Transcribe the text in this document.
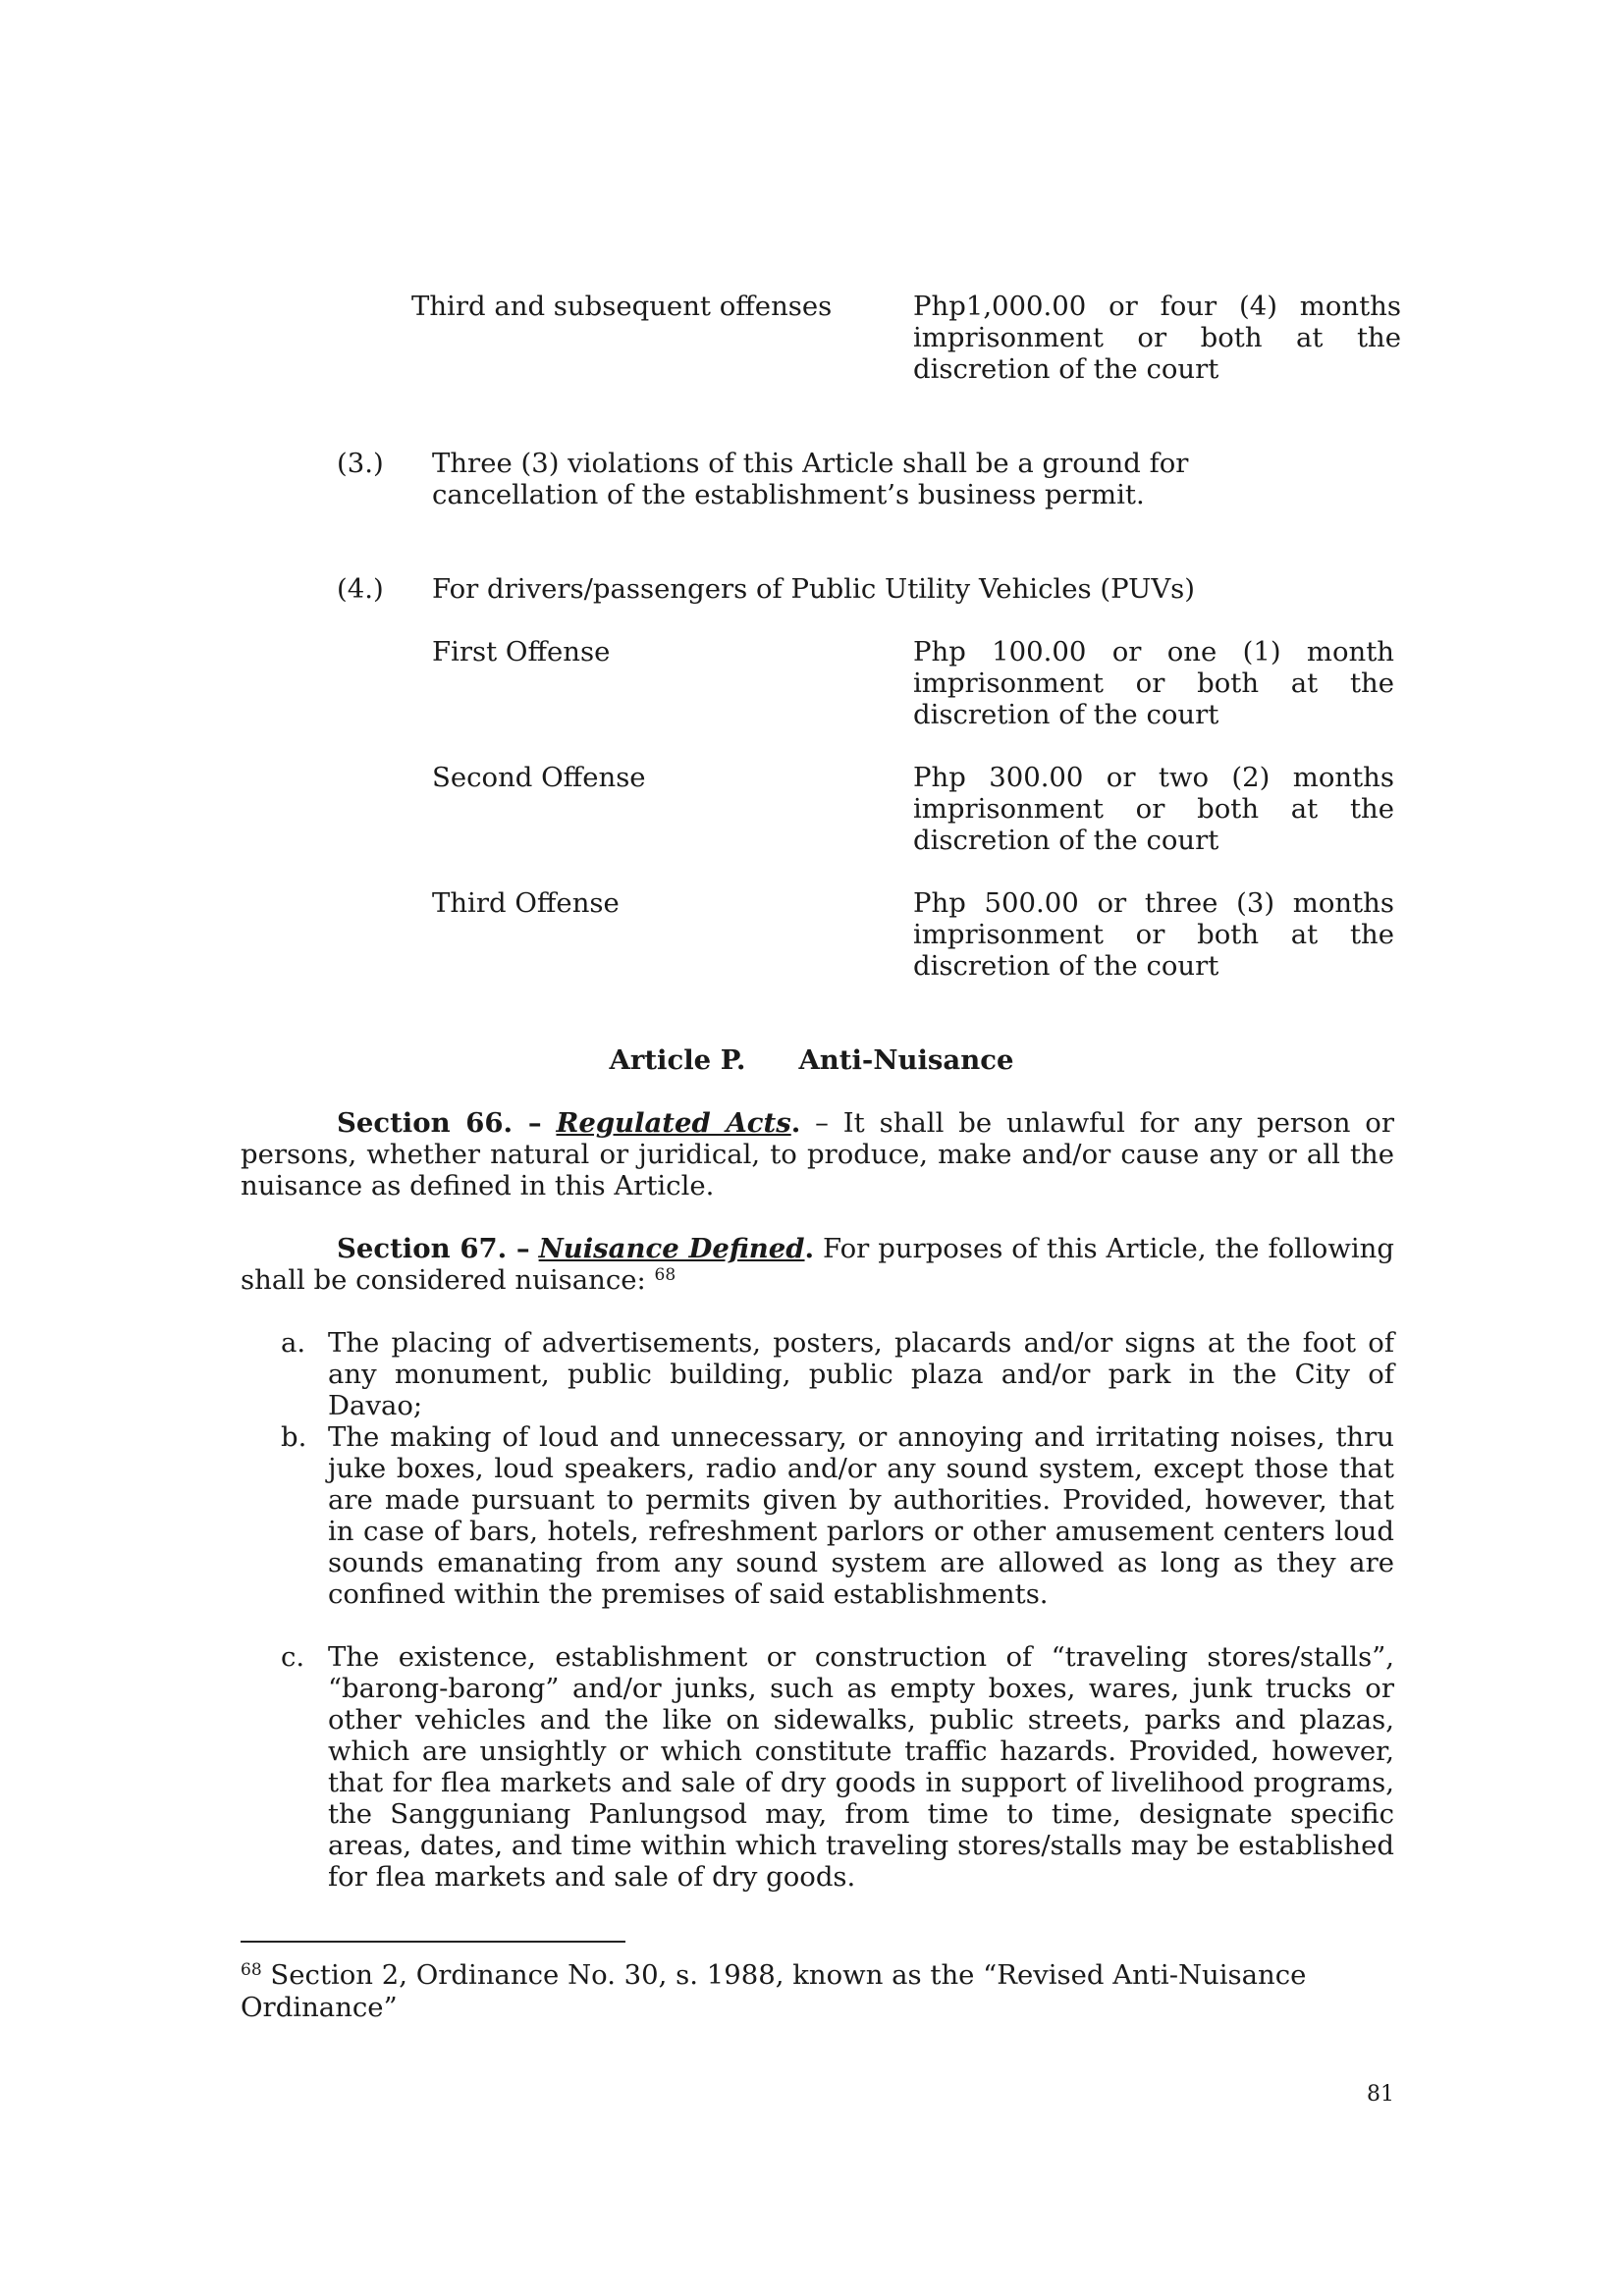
Third and subsequent offenses	Php1,000.00 or four (4) months imprisonment or both at the discretion of the court
(3.) Three (3) violations of this Article shall be a ground for cancellation of the establishment’s business permit.
(4.) For drivers/passengers of Public Utility Vehicles (PUVs)
First Offense	Php 100.00 or one (1) month imprisonment or both at the discretion of the court
Second Offense	Php 300.00 or two (2) months imprisonment or both at the discretion of the court
Third Offense	Php 500.00 or three (3) months imprisonment or both at the discretion of the court
Article P. Anti-Nuisance
Section 66. – Regulated Acts. – It shall be unlawful for any person or persons, whether natural or juridical, to produce, make and/or cause any or all the nuisance as defined in this Article.
Section 67. – Nuisance Defined. For purposes of this Article, the following shall be considered nuisance: $^{68}$
a. The placing of advertisements, posters, placards and/or signs at the foot of any monument, public building, public plaza and/or park in the City of Davao;
b. The making of loud and unnecessary, or annoying and irritating noises, thru juke boxes, loud speakers, radio and/or any sound system, except those that are made pursuant to permits given by authorities. Provided, however, that in case of bars, hotels, refreshment parlors or other amusement centers loud sounds emanating from any sound system are allowed as long as they are confined within the premises of said establishments.
c. The existence, establishment or construction of “traveling stores/stalls”, “barong-barong” and/or junks, such as empty boxes, wares, junk trucks or other vehicles and the like on sidewalks, public streets, parks and plazas, which are unsightly or which constitute traffic hazards. Provided, however, that for flea markets and sale of dry goods in support of livelihood programs, the Sangguniang Panlungsod may, from time to time, designate specific areas, dates, and time within which traveling stores/stalls may be established for flea markets and sale of dry goods.
$^{68}$ Section 2, Ordinance No. 30, s. 1988, known as the “Revised Anti-Nuisance Ordinance”
81
